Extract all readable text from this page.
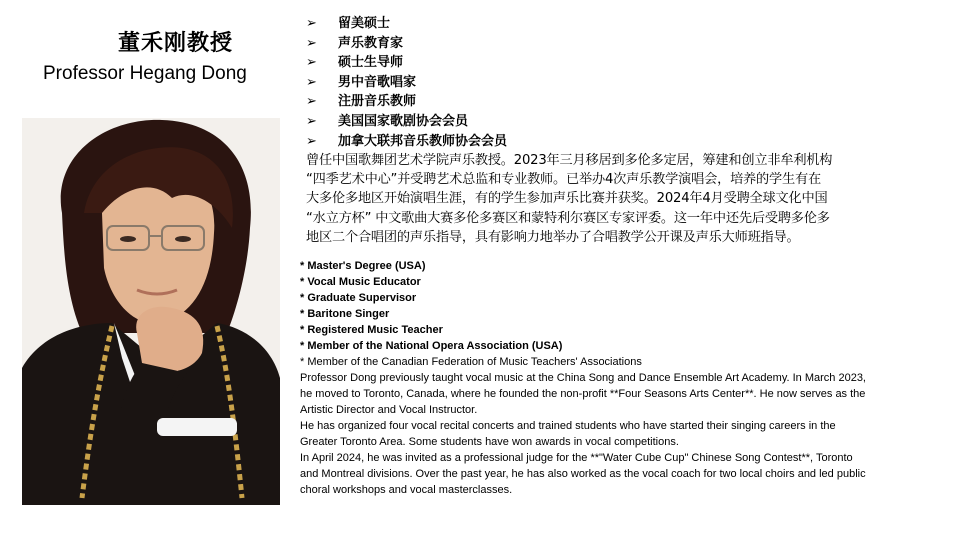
董禾刚教授
Professor Hegang Dong
➢ 留美硕士
➢ 声乐教育家
➢ 硕士生导师
➢ 男中音歌唱家
➢ 注册音乐教师
➢ 美国国家歌剧协会会员
➢ 加拿大联邦音乐教师协会会员
曾任中国歌舞团艺术学院声乐教授。2023年三月移居到多伦多定居，筹建和创立非牟利机构
“四季艺术中心”并受聘艺术总监和专业教师。已举办4次声乐教学演唱会，培养的学生有在
大多伦多地区开始演唱生涯，有的学生参加声乐比赛并获奖。2024年4月受聘全球文化中国
“水立方杯” 中文歌曲大赛多伦多赛区和蒙特利尔赛区专家评委。这一年中还先后受聘多伦多
地区二个合唱团的声乐指导，具有影响力地举办了合唱教学公开课及声乐大师班指导。
* Master's Degree (USA)
* Vocal Music Educator
* Graduate Supervisor
* Baritone Singer
* Registered Music Teacher
* Member of the National Opera Association (USA)
* Member of the Canadian Federation of Music Teachers' Associations
Professor Dong previously taught vocal music at the China Song and Dance Ensemble Art Academy. In March 2023,
he moved to Toronto, Canada, where he founded the non-profit **Four Seasons Arts Center**. He now serves as the
Artistic Director and Vocal Instructor.
He has organized four vocal recital concerts and trained students who have started their singing careers in the
Greater Toronto Area. Some students have won awards in vocal competitions.
In April 2024, he was invited as a professional judge for the **"Water Cube Cup" Chinese Song Contest**, Toronto
and Montreal divisions. Over the past year, he has also worked as the vocal coach for two local choirs and led public
choral workshops and vocal masterclasses.
